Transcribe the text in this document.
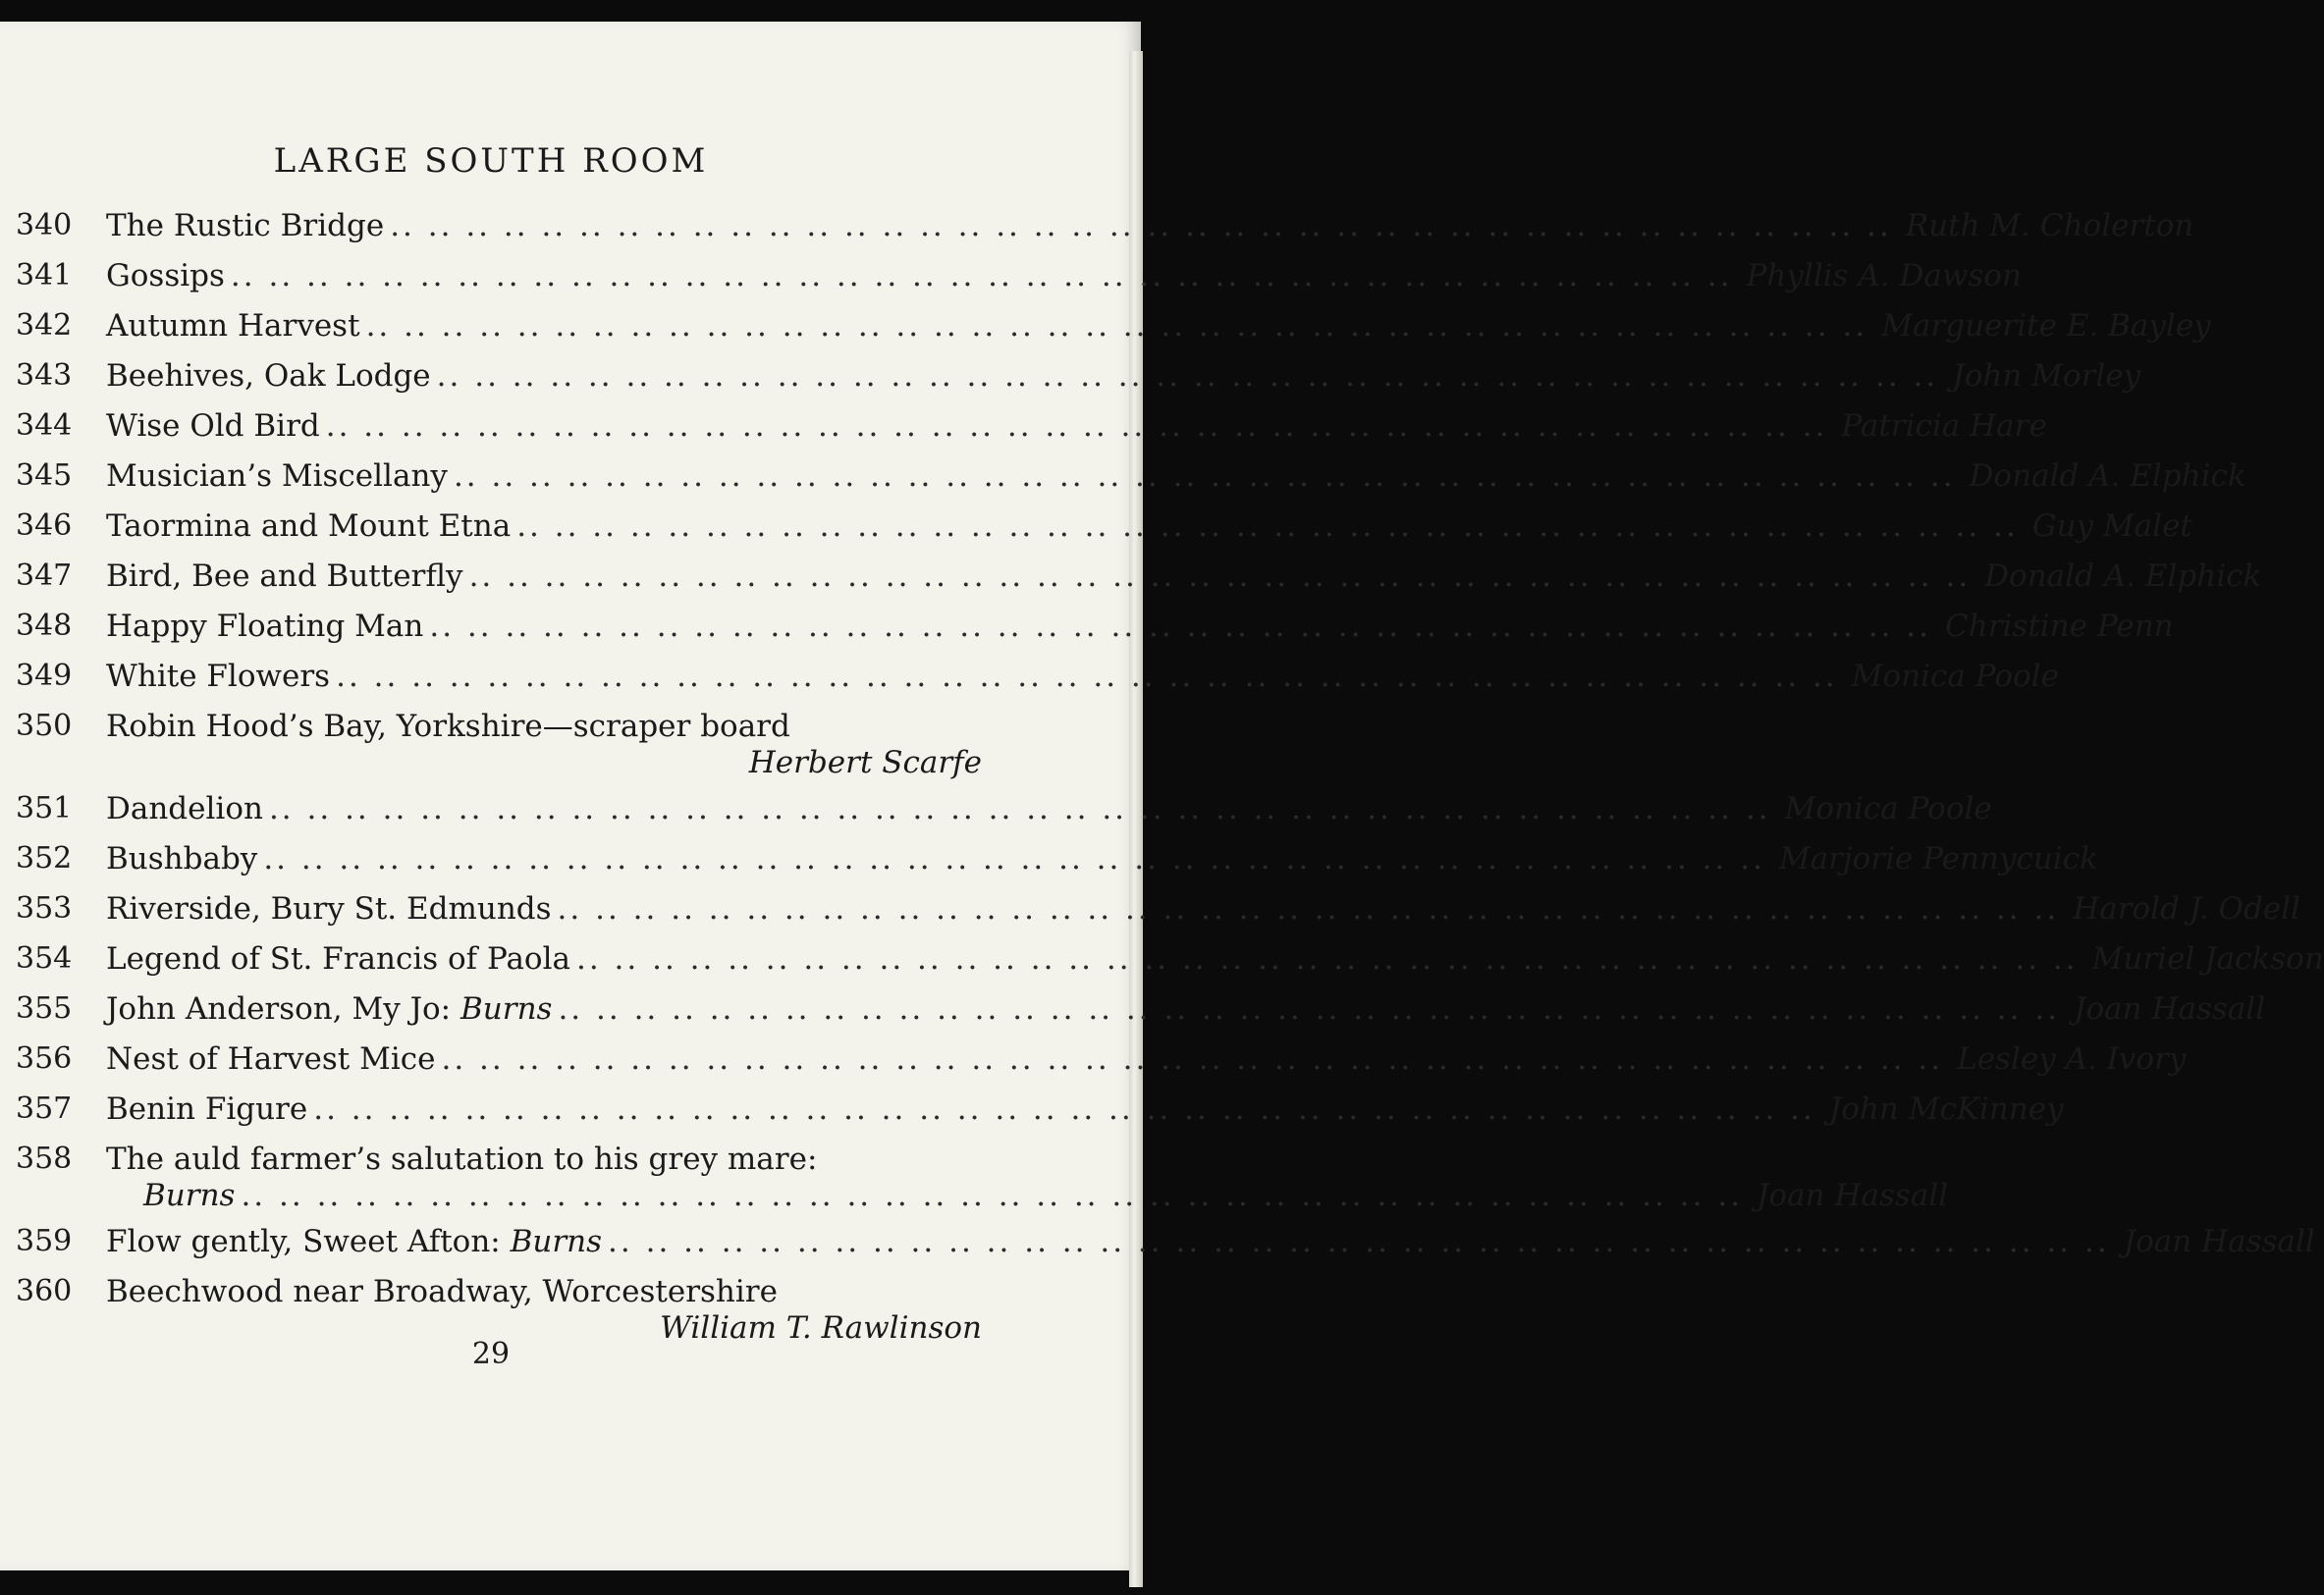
LARGE SOUTH ROOM
340 The Rustic Bridge .. .. .. .. .. .. .. .. .. .. .. .. .. .. .. .. .. .. .. .. .. .. .. .. .. .. .. .. .. .. .. .. .. .. .. .. .. .. .. .. Ruth M. Cholerton
341 Gossips .. .. .. .. .. .. .. .. .. .. .. .. .. .. .. .. .. .. .. .. .. .. .. .. .. .. .. .. .. .. .. .. .. .. .. .. .. .. .. .. Phyllis A. Dawson
342 Autumn Harvest .. .. .. .. .. .. .. .. .. .. .. .. .. .. .. .. .. .. .. .. .. .. .. .. .. .. .. .. .. .. .. .. .. .. .. .. .. .. .. .. Marguerite E. Bayley
343 Beehives, Oak Lodge .. .. .. .. .. .. .. .. .. .. .. .. .. .. .. .. .. .. .. .. .. .. .. .. .. .. .. .. .. .. .. .. .. .. .. .. .. .. .. .. John Morley
344 Wise Old Bird .. .. .. .. .. .. .. .. .. .. .. .. .. .. .. .. .. .. .. .. .. .. .. .. .. .. .. .. .. .. .. .. .. .. .. .. .. .. .. .. Patricia Hare
345 Musician’s Miscellany .. .. .. .. .. .. .. .. .. .. .. .. .. .. .. .. .. .. .. .. .. .. .. .. .. .. .. .. .. .. .. .. .. .. .. .. .. .. .. .. Donald A. Elphick
346 Taormina and Mount Etna .. .. .. .. .. .. .. .. .. .. .. .. .. .. .. .. .. .. .. .. .. .. .. .. .. .. .. .. .. .. .. .. .. .. .. .. .. .. .. .. Guy Malet
347 Bird, Bee and Butterfly .. .. .. .. .. .. .. .. .. .. .. .. .. .. .. .. .. .. .. .. .. .. .. .. .. .. .. .. .. .. .. .. .. .. .. .. .. .. .. .. Donald A. Elphick
348 Happy Floating Man .. .. .. .. .. .. .. .. .. .. .. .. .. .. .. .. .. .. .. .. .. .. .. .. .. .. .. .. .. .. .. .. .. .. .. .. .. .. .. .. Christine Penn
349 White Flowers .. .. .. .. .. .. .. .. .. .. .. .. .. .. .. .. .. .. .. .. .. .. .. .. .. .. .. .. .. .. .. .. .. .. .. .. .. .. .. .. Monica Poole
350 Robin Hood’s Bay, Yorkshire—scraper board
Herbert Scarfe
351 Dandelion .. .. .. .. .. .. .. .. .. .. .. .. .. .. .. .. .. .. .. .. .. .. .. .. .. .. .. .. .. .. .. .. .. .. .. .. .. .. .. .. Monica Poole
352 Bushbaby .. .. .. .. .. .. .. .. .. .. .. .. .. .. .. .. .. .. .. .. .. .. .. .. .. .. .. .. .. .. .. .. .. .. .. .. .. .. .. .. Marjorie Pennycuick
353 Riverside, Bury St. Edmunds .. .. .. .. .. .. .. .. .. .. .. .. .. .. .. .. .. .. .. .. .. .. .. .. .. .. .. .. .. .. .. .. .. .. .. .. .. .. .. .. Harold J. Odell
354 Legend of St. Francis of Paola .. .. .. .. .. .. .. .. .. .. .. .. .. .. .. .. .. .. .. .. .. .. .. .. .. .. .. .. .. .. .. .. .. .. .. .. .. .. .. .. Muriel Jackson
355 John Anderson, My Jo: Burns .. .. .. .. .. .. .. .. .. .. .. .. .. .. .. .. .. .. .. .. .. .. .. .. .. .. .. .. .. .. .. .. .. .. .. .. .. .. .. .. Joan Hassall
356 Nest of Harvest Mice .. .. .. .. .. .. .. .. .. .. .. .. .. .. .. .. .. .. .. .. .. .. .. .. .. .. .. .. .. .. .. .. .. .. .. .. .. .. .. .. Lesley A. Ivory
357 Benin Figure .. .. .. .. .. .. .. .. .. .. .. .. .. .. .. .. .. .. .. .. .. .. .. .. .. .. .. .. .. .. .. .. .. .. .. .. .. .. .. .. John McKinney
358 The auld farmer’s salutation to his grey mare:
Burns .. .. .. .. .. .. .. .. .. .. .. .. .. .. .. .. .. .. .. .. .. .. .. .. .. .. .. .. .. .. .. .. .. .. .. .. .. .. .. .. Joan Hassall
359 Flow gently, Sweet Afton: Burns .. .. .. .. .. .. .. .. .. .. .. .. .. .. .. .. .. .. .. .. .. .. .. .. .. .. .. .. .. .. .. .. .. .. .. .. .. .. .. .. Joan Hassall
360 Beechwood near Broadway, Worcestershire
William T. Rawlinson
29
